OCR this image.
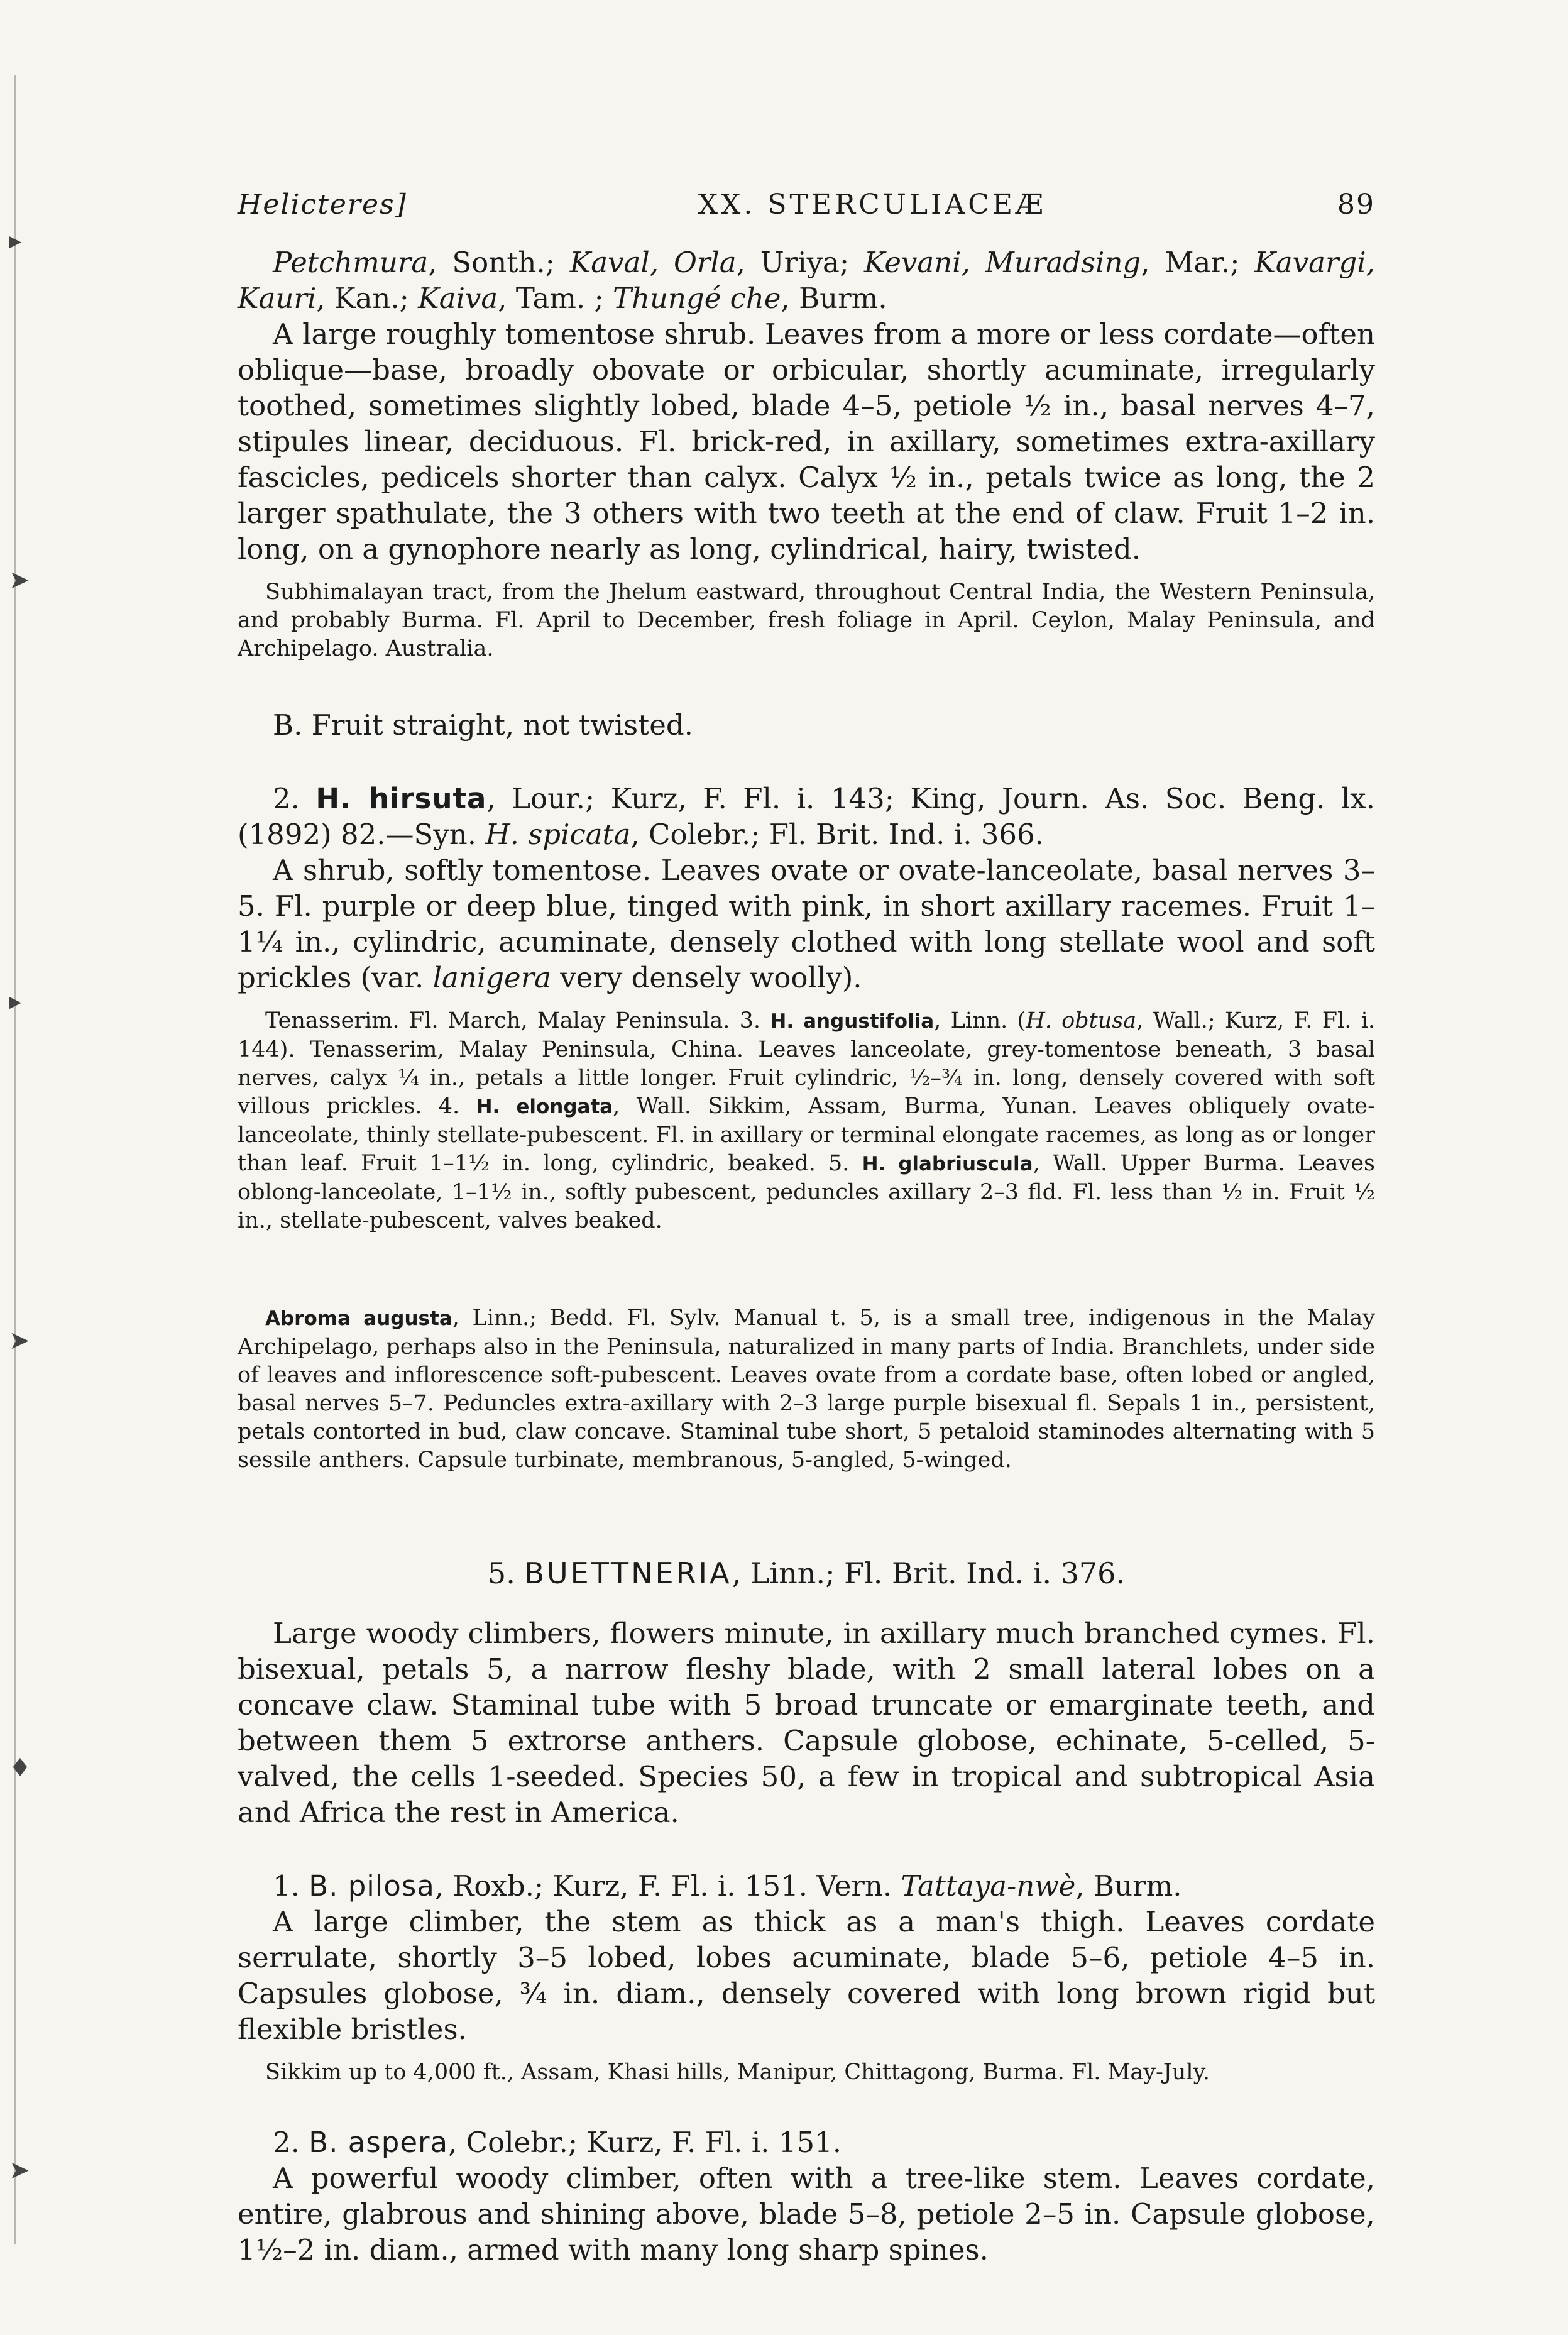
▸
➤
▸
➤
♦
➤
Helicteres]	XX. STERCULIACEÆ	89

Petchmura, Sonth.; Kaval, Orla, Uriya; Kevani, Muradsing, Mar.; Kavargi, Kauri, Kan.; Kaiva, Tam. ; Thungé che, Burm.

A large roughly tomentose shrub. Leaves from a more or less cordate—often oblique—base, broadly obovate or orbicular, shortly acuminate, irregularly toothed, sometimes slightly lobed, blade 4–5, petiole ½ in., basal nerves 4–7, stipules linear, deciduous. Fl. brick-red, in axillary, sometimes extra-axillary fascicles, pedicels shorter than calyx. Calyx ½ in., petals twice as long, the 2 larger spathulate, the 3 others with two teeth at the end of claw. Fruit 1–2 in. long, on a gynophore nearly as long, cylindrical, hairy, twisted.

Subhimalayan tract, from the Jhelum eastward, throughout Central India, the Western Peninsula, and probably Burma. Fl. April to December, fresh foliage in April. Ceylon, Malay Peninsula, and Archipelago. Australia.

B. Fruit straight, not twisted.

2. H. hirsuta, Lour.; Kurz, F. Fl. i. 143; King, Journ. As. Soc. Beng. lx. (1892) 82.—Syn. H. spicata, Colebr.; Fl. Brit. Ind. i. 366.

A shrub, softly tomentose. Leaves ovate or ovate-lanceolate, basal nerves 3–5. Fl. purple or deep blue, tinged with pink, in short axillary racemes. Fruit 1–1¼ in., cylindric, acuminate, densely clothed with long stellate wool and soft prickles (var. lanigera very densely woolly).

Tenasserim. Fl. March, Malay Peninsula. 3. H. angustifolia, Linn. (H. obtusa, Wall.; Kurz, F. Fl. i. 144). Tenasserim, Malay Peninsula, China. Leaves lanceolate, grey-tomentose beneath, 3 basal nerves, calyx ¼ in., petals a little longer. Fruit cylindric, ½–¾ in. long, densely covered with soft villous prickles. 4. H. elongata, Wall. Sikkim, Assam, Burma, Yunan. Leaves obliquely ovate-lanceolate, thinly stellate-pubescent. Fl. in axillary or terminal elongate racemes, as long as or longer than leaf. Fruit 1–1½ in. long, cylindric, beaked. 5. H. glabriuscula, Wall. Upper Burma. Leaves oblong-lanceolate, 1–1½ in., softly pubescent, peduncles axillary 2–3 fld. Fl. less than ½ in. Fruit ½ in., stellate-pubescent, valves beaked.

Abroma augusta, Linn.; Bedd. Fl. Sylv. Manual t. 5, is a small tree, indigenous in the Malay Archipelago, perhaps also in the Peninsula, naturalized in many parts of India. Branchlets, under side of leaves and inflorescence soft-pubescent. Leaves ovate from a cordate base, often lobed or angled, basal nerves 5–7. Peduncles extra-axillary with 2–3 large purple bisexual fl. Sepals 1 in., persistent, petals contorted in bud, claw concave. Staminal tube short, 5 petaloid staminodes alternating with 5 sessile anthers. Capsule turbinate, membranous, 5-angled, 5-winged.

5. BUETTNERIA, Linn.; Fl. Brit. Ind. i. 376.

Large woody climbers, flowers minute, in axillary much branched cymes. Fl. bisexual, petals 5, a narrow fleshy blade, with 2 small lateral lobes on a concave claw. Staminal tube with 5 broad truncate or emarginate teeth, and between them 5 extrorse anthers. Capsule globose, echinate, 5-celled, 5-valved, the cells 1-seeded. Species 50, a few in tropical and subtropical Asia and Africa the rest in America.

1. B. pilosa, Roxb.; Kurz, F. Fl. i. 151. Vern. Tattaya-nwè, Burm.

A large climber, the stem as thick as a man's thigh. Leaves cordate serrulate, shortly 3–5 lobed, lobes acuminate, blade 5–6, petiole 4–5 in. Capsules globose, ¾ in. diam., densely covered with long brown rigid but flexible bristles.

Sikkim up to 4,000 ft., Assam, Khasi hills, Manipur, Chittagong, Burma. Fl. May-July.

2. B. aspera, Colebr.; Kurz, F. Fl. i. 151.

A powerful woody climber, often with a tree-like stem. Leaves cordate, entire, glabrous and shining above, blade 5–8, petiole 2–5 in. Capsule globose, 1½–2 in. diam., armed with many long sharp spines.
